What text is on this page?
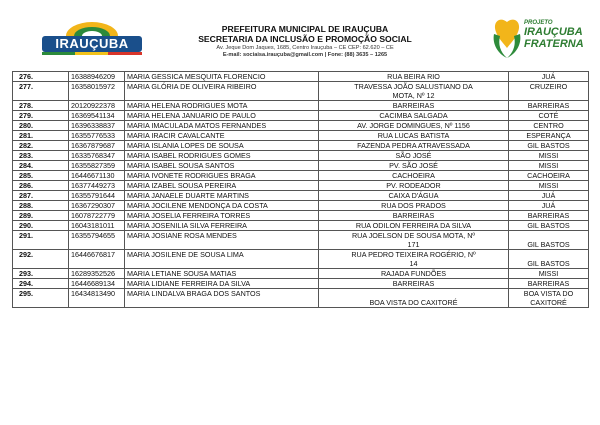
IRAUÇUBA
PREFEITURA MUNICIPAL DE IRAUÇUBA
SECRETARIA DA INCLUSÃO E PROMOÇÃO SOCIAL
Av. Jeque Dom Jaques, 1685, Centro Irauçuba – CE CEP: 62.620 – CE
E-mail: sociaisa.irauçuba@gmail.com | Fone: (88) 3635 – 1265
PROJETO
IRAUÇUBA
FRATERNA
276.	16388946209	MARIA GESSICA MESQUITA FLORENCIO	RUA BEIRA RIO	JUÁ

277.	16358015972	MARIA GLÓRIA DE OLIVEIRA RIBEIRO	TRAVESSA JOÃO SALUSTIANO DA
MOTA, Nº 12	CRUZEIRO

278.	20120922378	MARIA HELENA RODRIGUES MOTA	BARREIRAS	BARREIRAS

279.	16369541134	MARIA HELENA JANUARIO DE PAULO	CACIMBA SALGADA	COTÉ

280.	16396338837	MARIA IMACULADA MATOS FERNANDES	AV. JORGE DOMINGUES, Nº 1156	CENTRO

281.	16355776533	MARIA IRACIR CAVALCANTE	RUA LUCAS BATISTA	ESPERANÇA

282.	16367879687	MARIA ISLANIA LOPES DE SOUSA	FAZENDA PEDRA ATRAVESSADA	GIL BASTOS

283.	16335768347	MARIA ISABEL RODRIGUES GOMES	SÃO JOSÉ	MISSI

284.	16355827359	MARIA ISABEL SOUSA SANTOS	PV. SÃO JOSÉ	MISSI

285.	16446671130	MARIA IVONETE RODRIGUES BRAGA	CACHOEIRA	CACHOEIRA

286.	16377449273	MARIA IZABEL SOUSA PEREIRA	PV. RODEADOR	MISSI

287.	16355791644	MARIA JANAELE DUARTE MARTINS	CAIXA D'ÁGUA	JUÁ

288.	16367290307	MARIA JOCILENE MENDONÇA DA COSTA	RUA DOS PRADOS	JUÁ

289.	16078722779	MARIA JOSELIA FERREIRA TORRES	BARREIRAS	BARREIRAS

290.	16043181011	MARIA JOSENILIA SILVA FERREIRA	RUA ODILON FERREIRA DA SILVA	GIL BASTOS

291.	16355794655	MARIA JOSIANE ROSA MENDES	RUA JOELSON DE SOUSA MOTA, Nº
171	GIL BASTOS

292.	16446676817	MARIA JOSILENE DE SOUSA LIMA	RUA PEDRO TEIXEIRA ROGÉRIO, Nº
14	GIL BASTOS

293.	16289352526	MARIA LETIANE SOUSA MATIAS	RAJADA FUNDÕES	MISSI

294.	16446689134	MARIA LIDIANE FERREIRA DA SILVA	BARREIRAS	BARREIRAS

295.	16434813490	MARIA LINDALVA BRAGA DOS SANTOS	BOA VISTA DO CAXITORÉ	BOA VISTA DO
CAXITORÉ
